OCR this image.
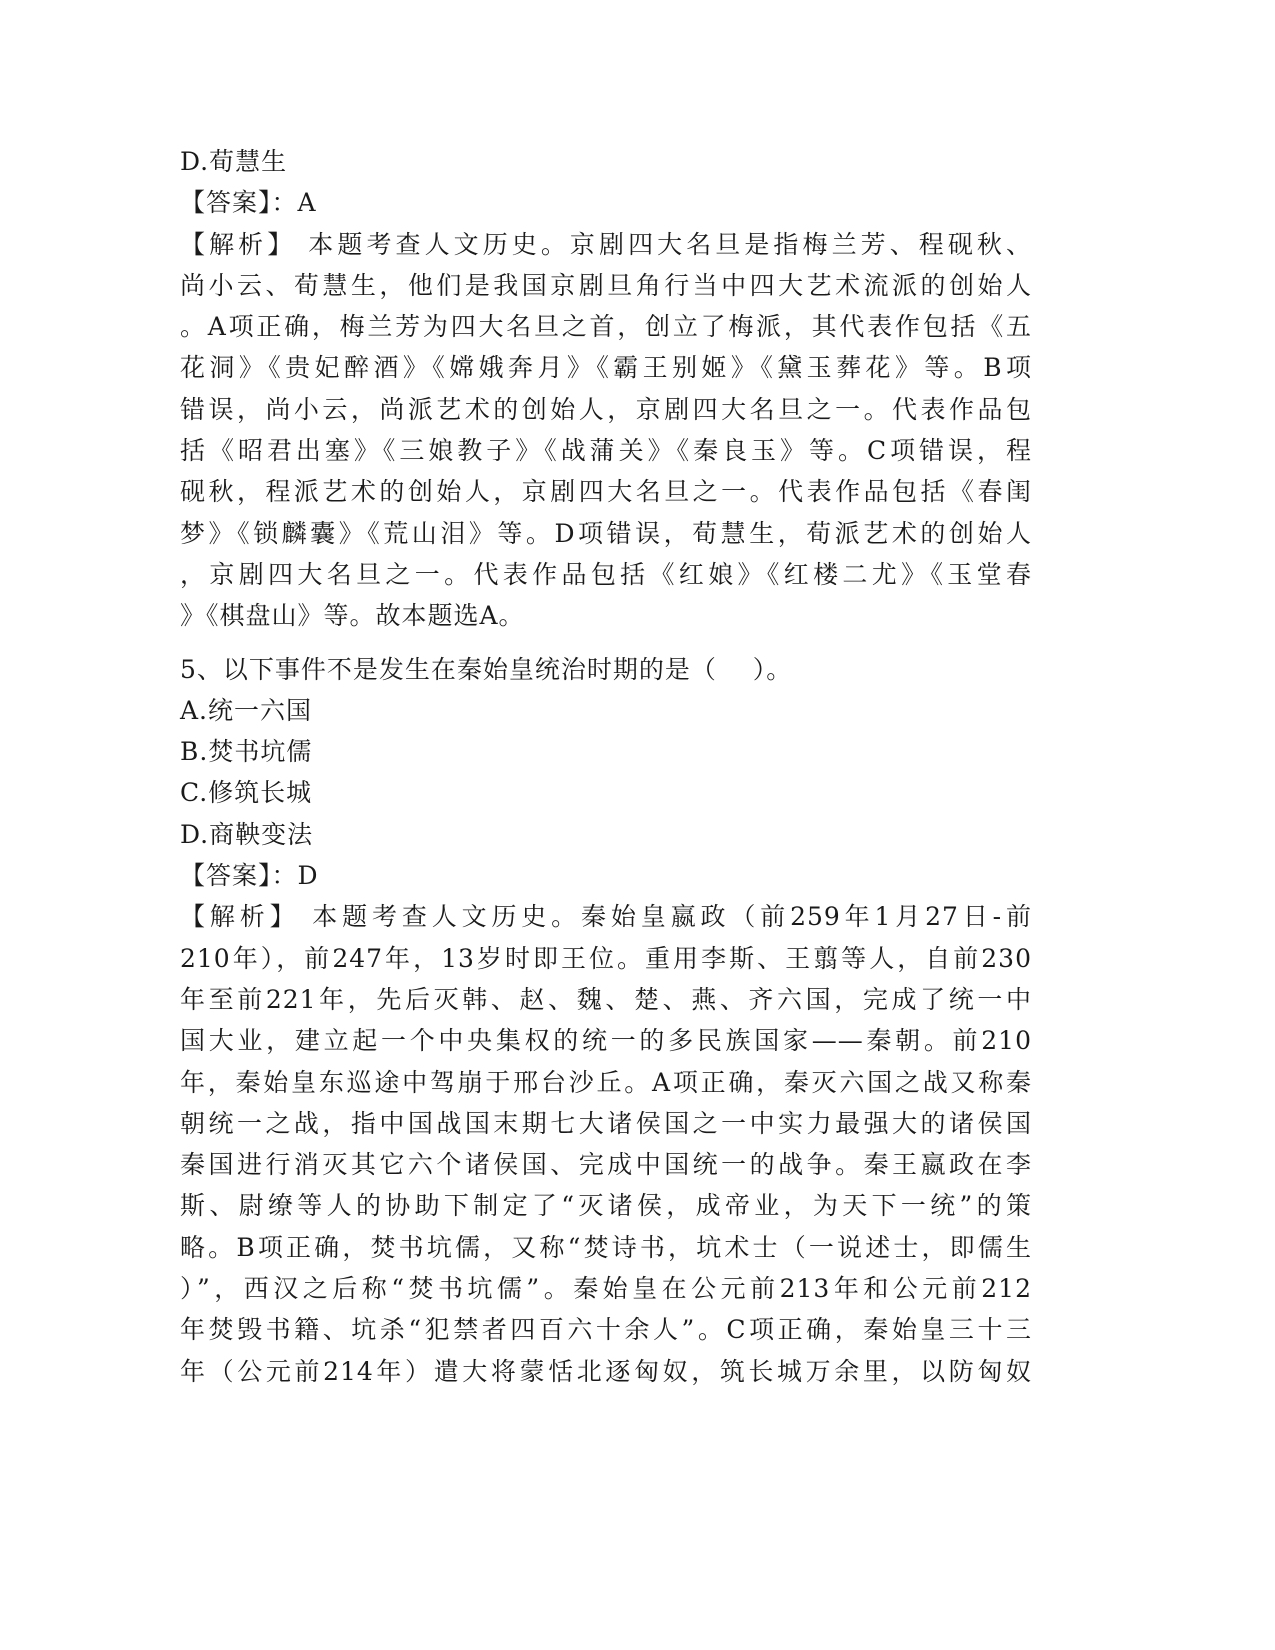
D.荀慧生
【答案】：A
【解析】 本题考查人文历史。京剧四大名旦是指梅兰芳、程砚秋、
尚小云、荀慧生，他们是我国京剧旦角行当中四大艺术流派的创始人
。A项正确，梅兰芳为四大名旦之首，创立了梅派，其代表作包括《五
花洞》《贵妃醉酒》《嫦娥奔月》《霸王别姬》《黛玉葬花》等。B项
错误，尚小云，尚派艺术的创始人，京剧四大名旦之一。代表作品包
括《昭君出塞》《三娘教子》《战蒲关》《秦良玉》等。C项错误，程
砚秋，程派艺术的创始人，京剧四大名旦之一。代表作品包括《春闺
梦》《锁麟囊》《荒山泪》等。D项错误，荀慧生，荀派艺术的创始人
，京剧四大名旦之一。代表作品包括《红娘》《红楼二尤》《玉堂春
》《棋盘山》等。故本题选A。
5、以下事件不是发生在秦始皇统治时期的是（    ）。
A.统一六国
B.焚书坑儒
C.修筑长城
D.商鞅变法
【答案】：D
【解析】 本题考查人文历史。秦始皇嬴政（前259年1月27日-前
210年），前247年，13岁时即王位。重用李斯、王翦等人，自前230
年至前221年，先后灭韩、赵、魏、楚、燕、齐六国，完成了统一中
国大业，建立起一个中央集权的统一的多民族国家——秦朝。前210
年，秦始皇东巡途中驾崩于邢台沙丘。A项正确，秦灭六国之战又称秦
朝统一之战，指中国战国末期七大诸侯国之一中实力最强大的诸侯国
秦国进行消灭其它六个诸侯国、完成中国统一的战争。秦王嬴政在李
斯、尉缭等人的协助下制定了“灭诸侯，成帝业，为天下一统”的策
略。B项正确，焚书坑儒，又称“焚诗书，坑术士（一说述士，即儒生
）”，西汉之后称“焚书坑儒”。秦始皇在公元前213年和公元前212
年焚毁书籍、坑杀“犯禁者四百六十余人”。C项正确，秦始皇三十三
年（公元前214年）遣大将蒙恬北逐匈奴，筑长城万余里，以防匈奴
